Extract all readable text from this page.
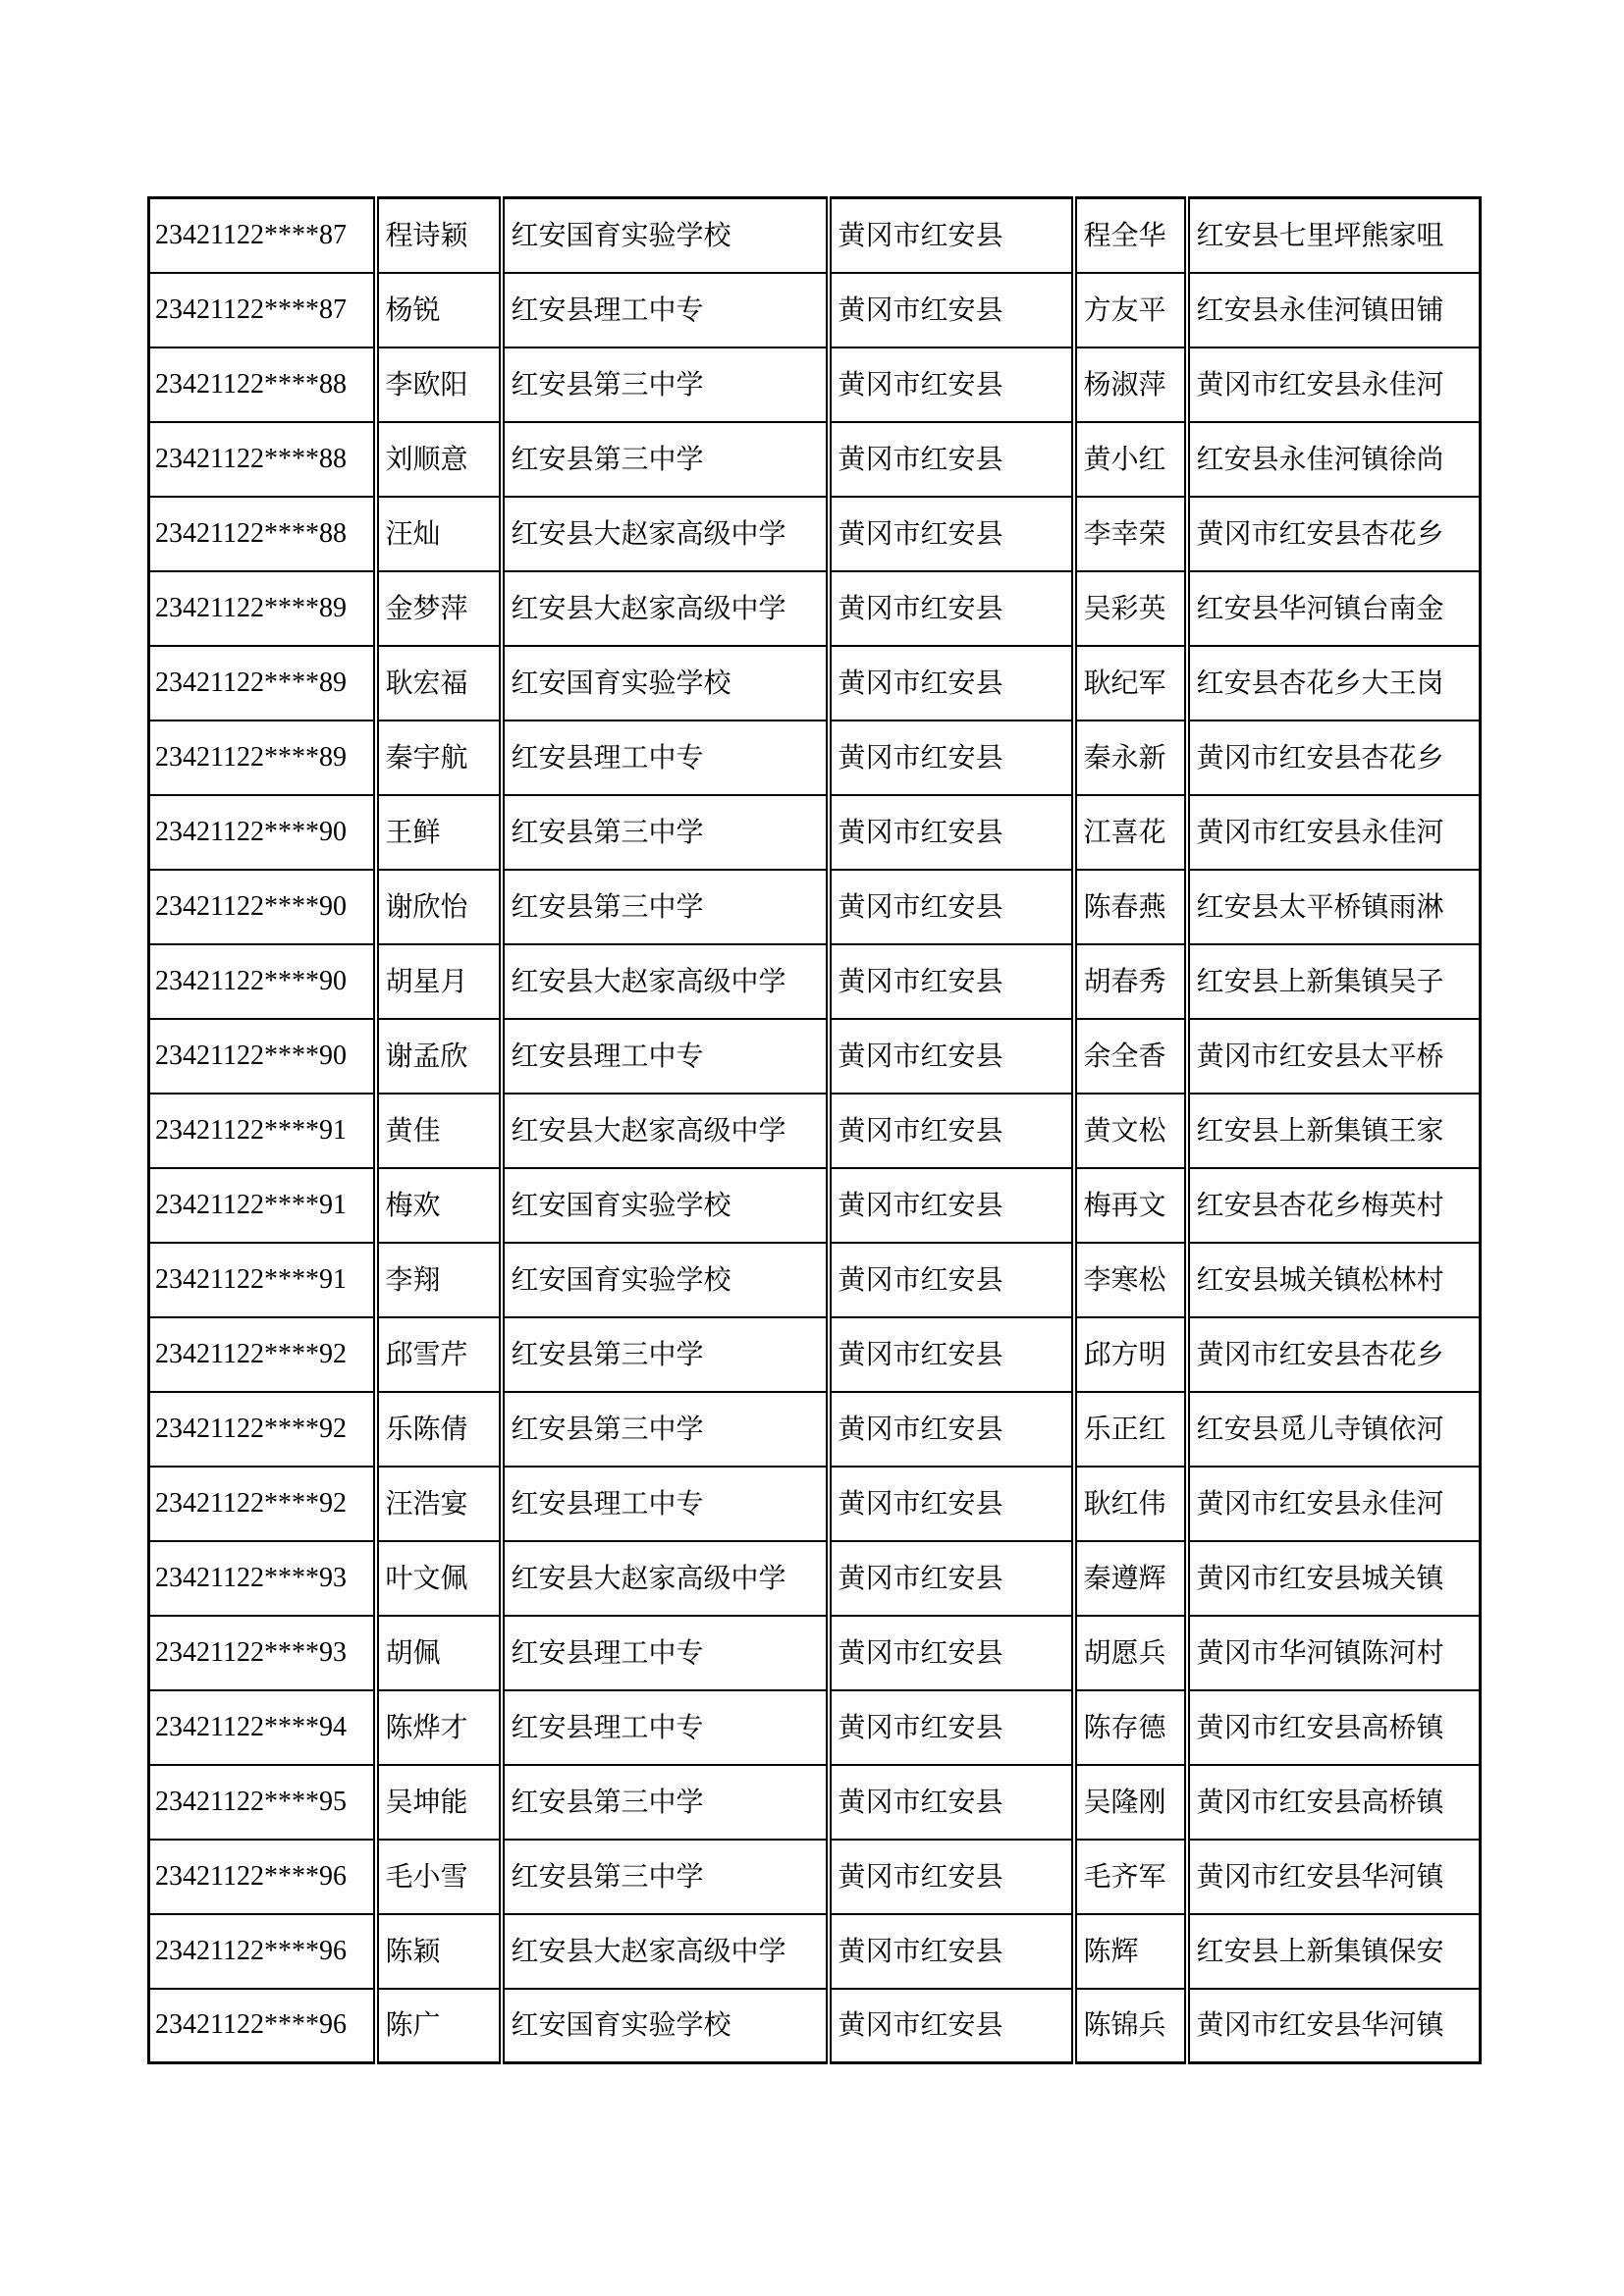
23421122****87	程诗颖	红安国育实验学校	黄冈市红安县	程全华	红安县七里坪熊家咀
23421122****87	杨锐	红安县理工中专	黄冈市红安县	方友平	红安县永佳河镇田铺
23421122****88	李欧阳	红安县第三中学	黄冈市红安县	杨淑萍	黄冈市红安县永佳河
23421122****88	刘顺意	红安县第三中学	黄冈市红安县	黄小红	红安县永佳河镇徐尚
23421122****88	汪灿	红安县大赵家高级中学	黄冈市红安县	李幸荣	黄冈市红安县杏花乡
23421122****89	金梦萍	红安县大赵家高级中学	黄冈市红安县	吴彩英	红安县华河镇台南金
23421122****89	耿宏福	红安国育实验学校	黄冈市红安县	耿纪军	红安县杏花乡大王岗
23421122****89	秦宇航	红安县理工中专	黄冈市红安县	秦永新	黄冈市红安县杏花乡
23421122****90	王鲜	红安县第三中学	黄冈市红安县	江喜花	黄冈市红安县永佳河
23421122****90	谢欣怡	红安县第三中学	黄冈市红安县	陈春燕	红安县太平桥镇雨淋
23421122****90	胡星月	红安县大赵家高级中学	黄冈市红安县	胡春秀	红安县上新集镇吴子
23421122****90	谢孟欣	红安县理工中专	黄冈市红安县	余全香	黄冈市红安县太平桥
23421122****91	黄佳	红安县大赵家高级中学	黄冈市红安县	黄文松	红安县上新集镇王家
23421122****91	梅欢	红安国育实验学校	黄冈市红安县	梅再文	红安县杏花乡梅英村
23421122****91	李翔	红安国育实验学校	黄冈市红安县	李寒松	红安县城关镇松林村
23421122****92	邱雪芹	红安县第三中学	黄冈市红安县	邱方明	黄冈市红安县杏花乡
23421122****92	乐陈倩	红安县第三中学	黄冈市红安县	乐正红	红安县觅儿寺镇依河
23421122****92	汪浩宴	红安县理工中专	黄冈市红安县	耿红伟	黄冈市红安县永佳河
23421122****93	叶文佩	红安县大赵家高级中学	黄冈市红安县	秦遵辉	黄冈市红安县城关镇
23421122****93	胡佩	红安县理工中专	黄冈市红安县	胡愿兵	黄冈市华河镇陈河村
23421122****94	陈烨才	红安县理工中专	黄冈市红安县	陈存德	黄冈市红安县高桥镇
23421122****95	吴坤能	红安县第三中学	黄冈市红安县	吴隆刚	黄冈市红安县高桥镇
23421122****96	毛小雪	红安县第三中学	黄冈市红安县	毛齐军	黄冈市红安县华河镇
23421122****96	陈颖	红安县大赵家高级中学	黄冈市红安县	陈辉	红安县上新集镇保安
23421122****96	陈广	红安国育实验学校	黄冈市红安县	陈锦兵	黄冈市红安县华河镇
